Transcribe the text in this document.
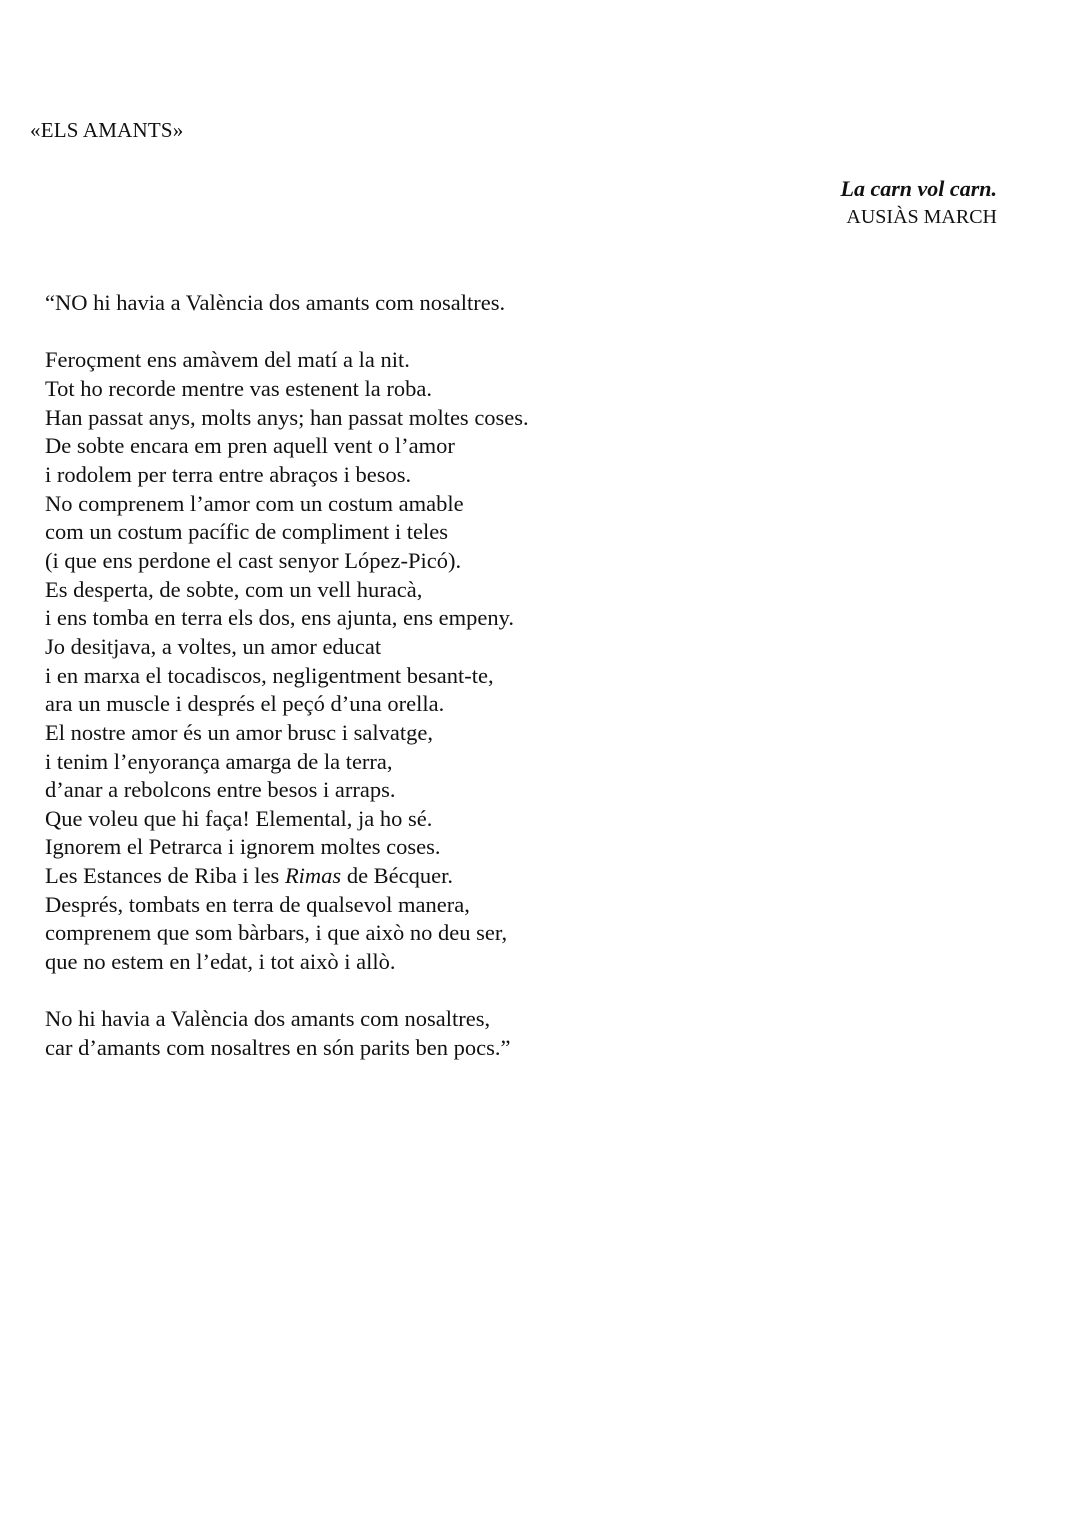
«ELS AMANTS»
La carn vol carn.
AUSIÀS MARCH
“NO hi havia a València dos amants com nosaltres.
Feroçment ens amàvem del matí a la nit.
Tot ho recorde mentre vas estenent la roba.
Han passat anys, molts anys; han passat moltes coses.
De sobte encara em pren aquell vent o l’amor
i rodolem per terra entre abraços i besos.
No comprenem l’amor com un costum amable
com un costum pacífic de compliment i teles
(i que ens perdone el cast senyor López-Picó).
Es desperta, de sobte, com un vell huracà,
i ens tomba en terra els dos, ens ajunta, ens empeny.
Jo desitjava, a voltes, un amor educat
i en marxa el tocadiscos, negligentment besant-te,
ara un muscle i després el peçó d’una orella.
El nostre amor és un amor brusc i salvatge,
i tenim l’enyorança amarga de la terra,
d’anar a rebolcons entre besos i arraps.
Que voleu que hi faça! Elemental, ja ho sé.
Ignorem el Petrarca i ignorem moltes coses.
Les Estances de Riba i les Rimas de Bécquer.
Després, tombats en terra de qualsevol manera,
comprenem que som bàrbars, i que això no deu ser,
que no estem en l’edat, i tot això i allò.
No hi havia a València dos amants com nosaltres,
car d’amants com nosaltres en són parits ben pocs.”
